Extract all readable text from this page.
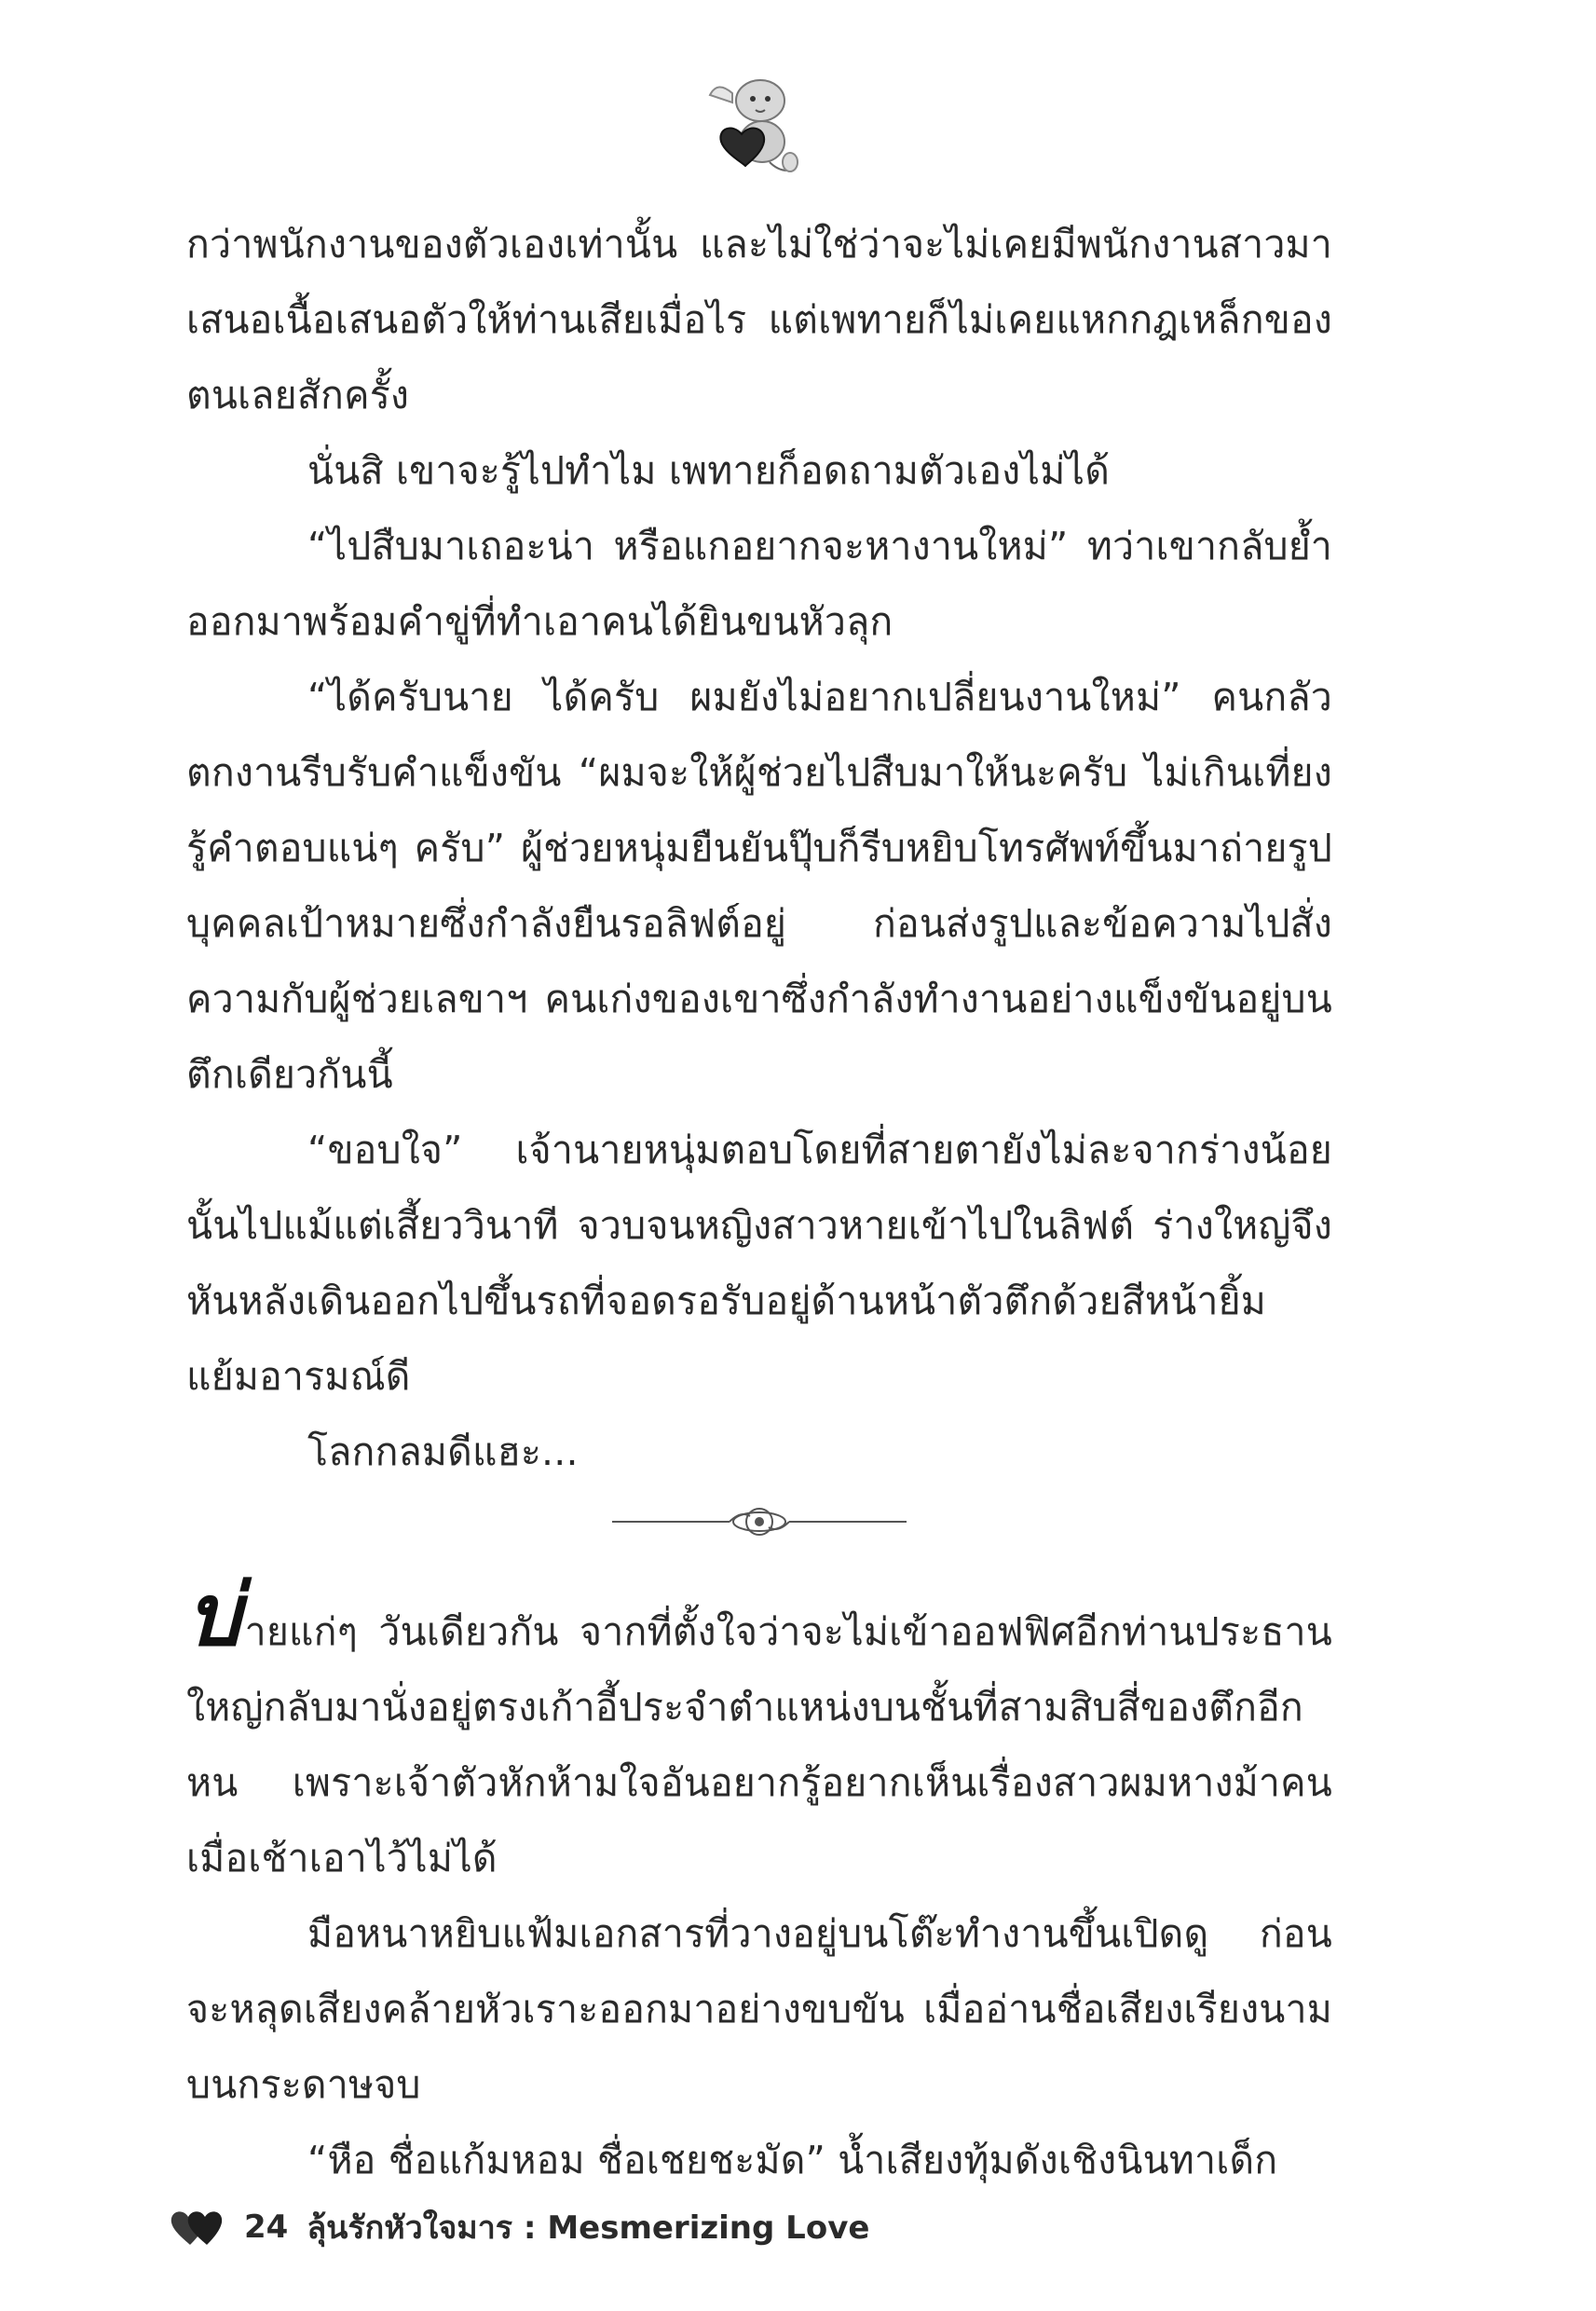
กว่าพนักงานของตัวเองเท่านั้น และไม่ใช่ว่าจะไม่เคยมีพนักงานสาวมาเสนอเนื้อเสนอตัวให้ท่านเสียเมื่อไร แต่เพทายก็ไม่เคยแหกกฎเหล็กของตนเลยสักครั้ง

นั่นสิ เขาจะรู้ไปทำไม เพทายก็อดถามตัวเองไม่ได้

“ไปสืบมาเถอะน่า หรือแกอยากจะหางานใหม่” ทว่าเขากลับย้ำออกมาพร้อมคำขู่ที่ทำเอาคนได้ยินขนหัวลุก

“ได้ครับนาย ได้ครับ ผมยังไม่อยากเปลี่ยนงานใหม่” คนกลัวตกงานรีบรับคำแข็งขัน “ผมจะให้ผู้ช่วยไปสืบมาให้นะครับ ไม่เกินเที่ยงรู้คำตอบแน่ๆ ครับ” ผู้ช่วยหนุ่มยืนยันปุ๊บก็รีบหยิบโทรศัพท์ขึ้นมาถ่ายรูปบุคคลเป้าหมายซึ่งกำลังยืนรอลิฟต์อยู่ ก่อนส่งรูปและข้อความไปสั่งความกับผู้ช่วยเลขาฯ คนเก่งของเขาซึ่งกำลังทำงานอย่างแข็งขันอยู่บนตึกเดียวกันนี้

“ขอบใจ” เจ้านายหนุ่มตอบโดยที่สายตายังไม่ละจากร่างน้อยนั้นไปแม้แต่เสี้ยววินาที จวบจนหญิงสาวหายเข้าไปในลิฟต์ ร่างใหญ่จึงหันหลังเดินออกไปขึ้นรถที่จอดรอรับอยู่ด้านหน้าตัวตึกด้วยสีหน้ายิ้มแย้มอารมณ์ดี

โลกกลมดีแฮะ...

บ่ายแก่ๆ วันเดียวกัน จากที่ตั้งใจว่าจะไม่เข้าออฟฟิศอีกท่านประธานใหญ่กลับมานั่งอยู่ตรงเก้าอี้ประจำตำแหน่งบนชั้นที่สามสิบสี่ของตึกอีกหน เพราะเจ้าตัวหักห้ามใจอันอยากรู้อยากเห็นเรื่องสาวผมหางม้าคนเมื่อเช้าเอาไว้ไม่ได้

มือหนาหยิบแฟ้มเอกสารที่วางอยู่บนโต๊ะทำงานขึ้นเปิดดู ก่อนจะหลุดเสียงคล้ายหัวเราะออกมาอย่างขบขัน เมื่ออ่านชื่อเสียงเรียงนามบนกระดาษจบ

“หือ ชื่อแก้มหอม ชื่อเชยชะมัด” น้ำเสียงทุ้มดังเชิงนินทาเด็ก

24 ลุ้นรักหัวใจมาร : Mesmerizing Love
